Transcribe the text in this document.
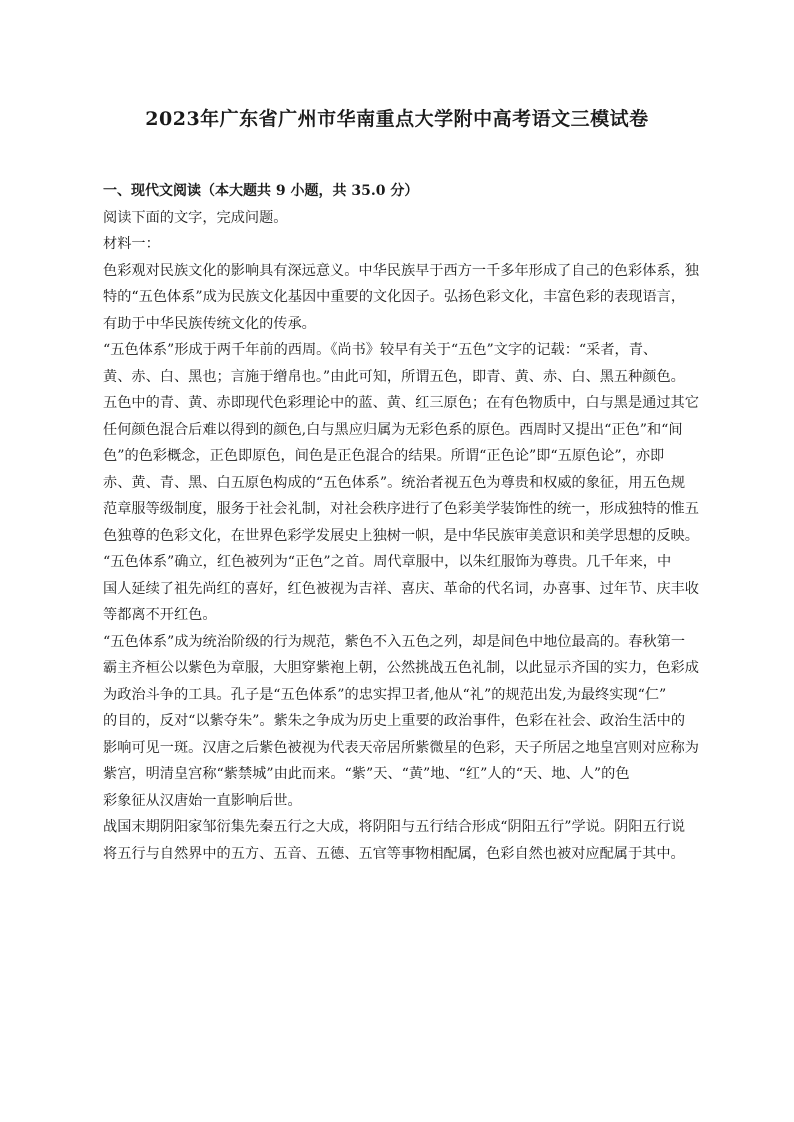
2023年广东省广州市华南重点大学附中高考语文三模试卷
一、现代文阅读（本大题共 9 小题，共 35.0 分）
阅读下面的文字，完成问题。
材料一：
色彩观对民族文化的影响具有深远意义。中华民族早于西方一千多年形成了自己的色彩体系，独
特的“五色体系”成为民族文化基因中重要的文化因子。弘扬色彩文化，丰富色彩的表现语言，
有助于中华民族传统文化的传承。
“五色体系”形成于两千年前的西周。《尚书》较早有关于“五色”文字的记载：“采者，青、
黄、赤、白、黑也；言施于缯帛也。”由此可知，所谓五色，即青、黄、赤、白、黑五种颜色。
五色中的青、黄、赤即现代色彩理论中的蓝、黄、红三原色；在有色物质中，白与黑是通过其它
任何颜色混合后难以得到的颜色,白与黑应归属为无彩色系的原色。西周时又提出“正色”和“间
色”的色彩概念，正色即原色，间色是正色混合的结果。所谓“正色论”即“五原色论”，亦即
赤、黄、青、黑、白五原色构成的“五色体系”。统治者视五色为尊贵和权威的象征，用五色规
范章服等级制度，服务于社会礼制，对社会秩序进行了色彩美学装饰性的统一，形成独特的惟五
色独尊的色彩文化，在世界色彩学发展史上独树一帜，是中华民族审美意识和美学思想的反映。
“五色体系”确立，红色被列为“正色”之首。周代章服中，以朱红服饰为尊贵。几千年来，中
国人延续了祖先尚红的喜好，红色被视为吉祥、喜庆、革命的代名词，办喜事、过年节、庆丰收
等都离不开红色。
“五色体系”成为统治阶级的行为规范，紫色不入五色之列，却是间色中地位最高的。春秋第一
霸主齐桓公以紫色为章服，大胆穿紫袍上朝，公然挑战五色礼制，以此显示齐国的实力，色彩成
为政治斗争的工具。孔子是“五色体系”的忠实捍卫者,他从“礼”的规范出发,为最终实现“仁”
的目的，反对“以紫夺朱”。紫朱之争成为历史上重要的政治事件，色彩在社会、政治生活中的
影响可见一斑。汉唐之后紫色被视为代表天帝居所紫微星的色彩，天子所居之地皇宫则对应称为
紫宫，明清皇宫称“紫禁城”由此而来。“紫”天、“黄”地、“红”人的“天、地、人”的色
彩象征从汉唐始一直影响后世。
战国末期阴阳家邹衍集先秦五行之大成，将阴阳与五行结合形成“阴阳五行”学说。阴阳五行说
将五行与自然界中的五方、五音、五德、五官等事物相配属，色彩自然也被对应配属于其中。
